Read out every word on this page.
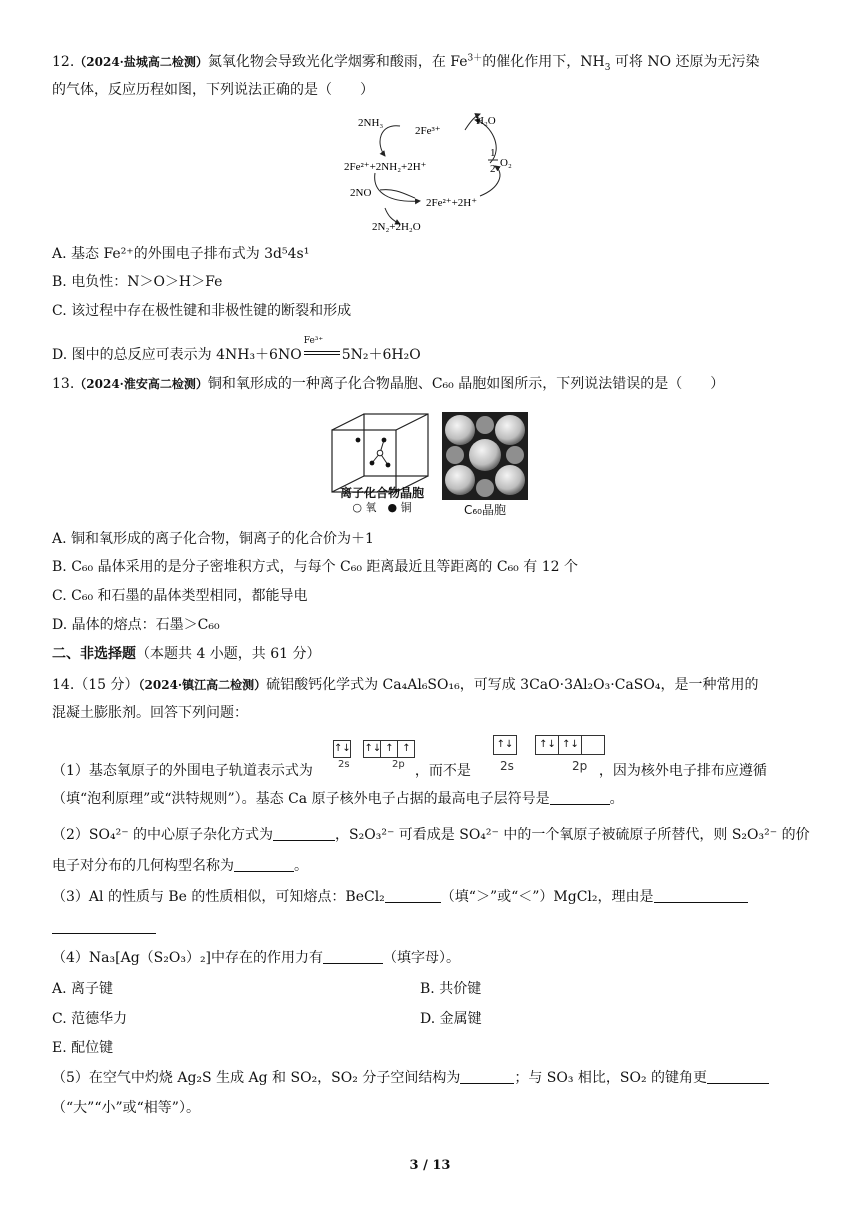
12.（2024·盐城高二检测）氮氧化物会导致光化学烟雾和酸雨，在 $Fe^{3+}$的催化作用下，$NH_3$ 可将 NO 还原为无污染
的气体，反应历程如图，下列说法正确的是（　　）
2NH₃
2Fe³⁺
H₂O
2Fe²⁺+2NH₂+2H⁺
1
2 O₂
2NO
2Fe²⁺+2H⁺
2N₂+2H₂O
A. 基态 Fe²⁺的外围电子排布式为 3d⁵4s¹
B. 电负性：N＞O＞H＞Fe
C. 该过程中存在极性键和非极性键的断裂和形成
D. 图中的总反应可表示为 4NH₃＋6NO
Fe³⁺
5N₂＋6H₂O
13.（2024·淮安高二检测）铜和氧形成的一种离子化合物晶胞、C₆₀ 晶胞如图所示，下列说法错误的是（　　）
离子化合物晶胞
○ 氧　● 铜	C₆₀晶胞
A. 铜和氧形成的离子化合物，铜离子的化合价为＋1
B. C₆₀ 晶体采用的是分子密堆积方式，与每个 C₆₀ 距离最近且等距离的 C₆₀ 有 12 个
C. C₆₀ 和石墨的晶体类型相同，都能导电
D. 晶体的熔点：石墨＞C₆₀
二、非选择题（本题共 4 小题，共 61 分）
14.（15 分）（2024·镇江高二检测）硫铝酸钙化学式为 Ca₄Al₆SO₁₆，可写成 3CaO·3Al₂O₃·CaSO₄，是一种常用的
混凝土膨胀剂。回答下列问题：
↑↓
↑↓ ↑ ↑
2s	2p
↑↓
	↑↓ ↑↓
2s	2p
（1）基态氧原子的外围电子轨道表示式为	，而不是	，因为核外电子排布应遵循
（填“泡利原理”或“洪特规则”）。基态 Ca 原子核外电子占据的最高电子层符号是	。
（2）SO₄²⁻ 的中心原子杂化方式为	，S₂O₃²⁻ 可看成是 SO₄²⁻ 中的一个氧原子被硫原子所替代，则 S₂O₃²⁻ 的价
电子对分布的几何构型名称为	。
（3）Al 的性质与 Be 的性质相似，可知熔点：BeCl₂	（填“＞”或“＜”）MgCl₂，理由是
（4）Na₃[Ag（S₂O₃）₂]中存在的作用力有	（填字母）。
A. 离子键	B. 共价键
C. 范德华力	D. 金属键
E. 配位键
（5）在空气中灼烧 Ag₂S 生成 Ag 和 SO₂，SO₂ 分子空间结构为	；与 SO₃ 相比，SO₂ 的键角更
（“大”“小”或“相等”）。
3 / 13
